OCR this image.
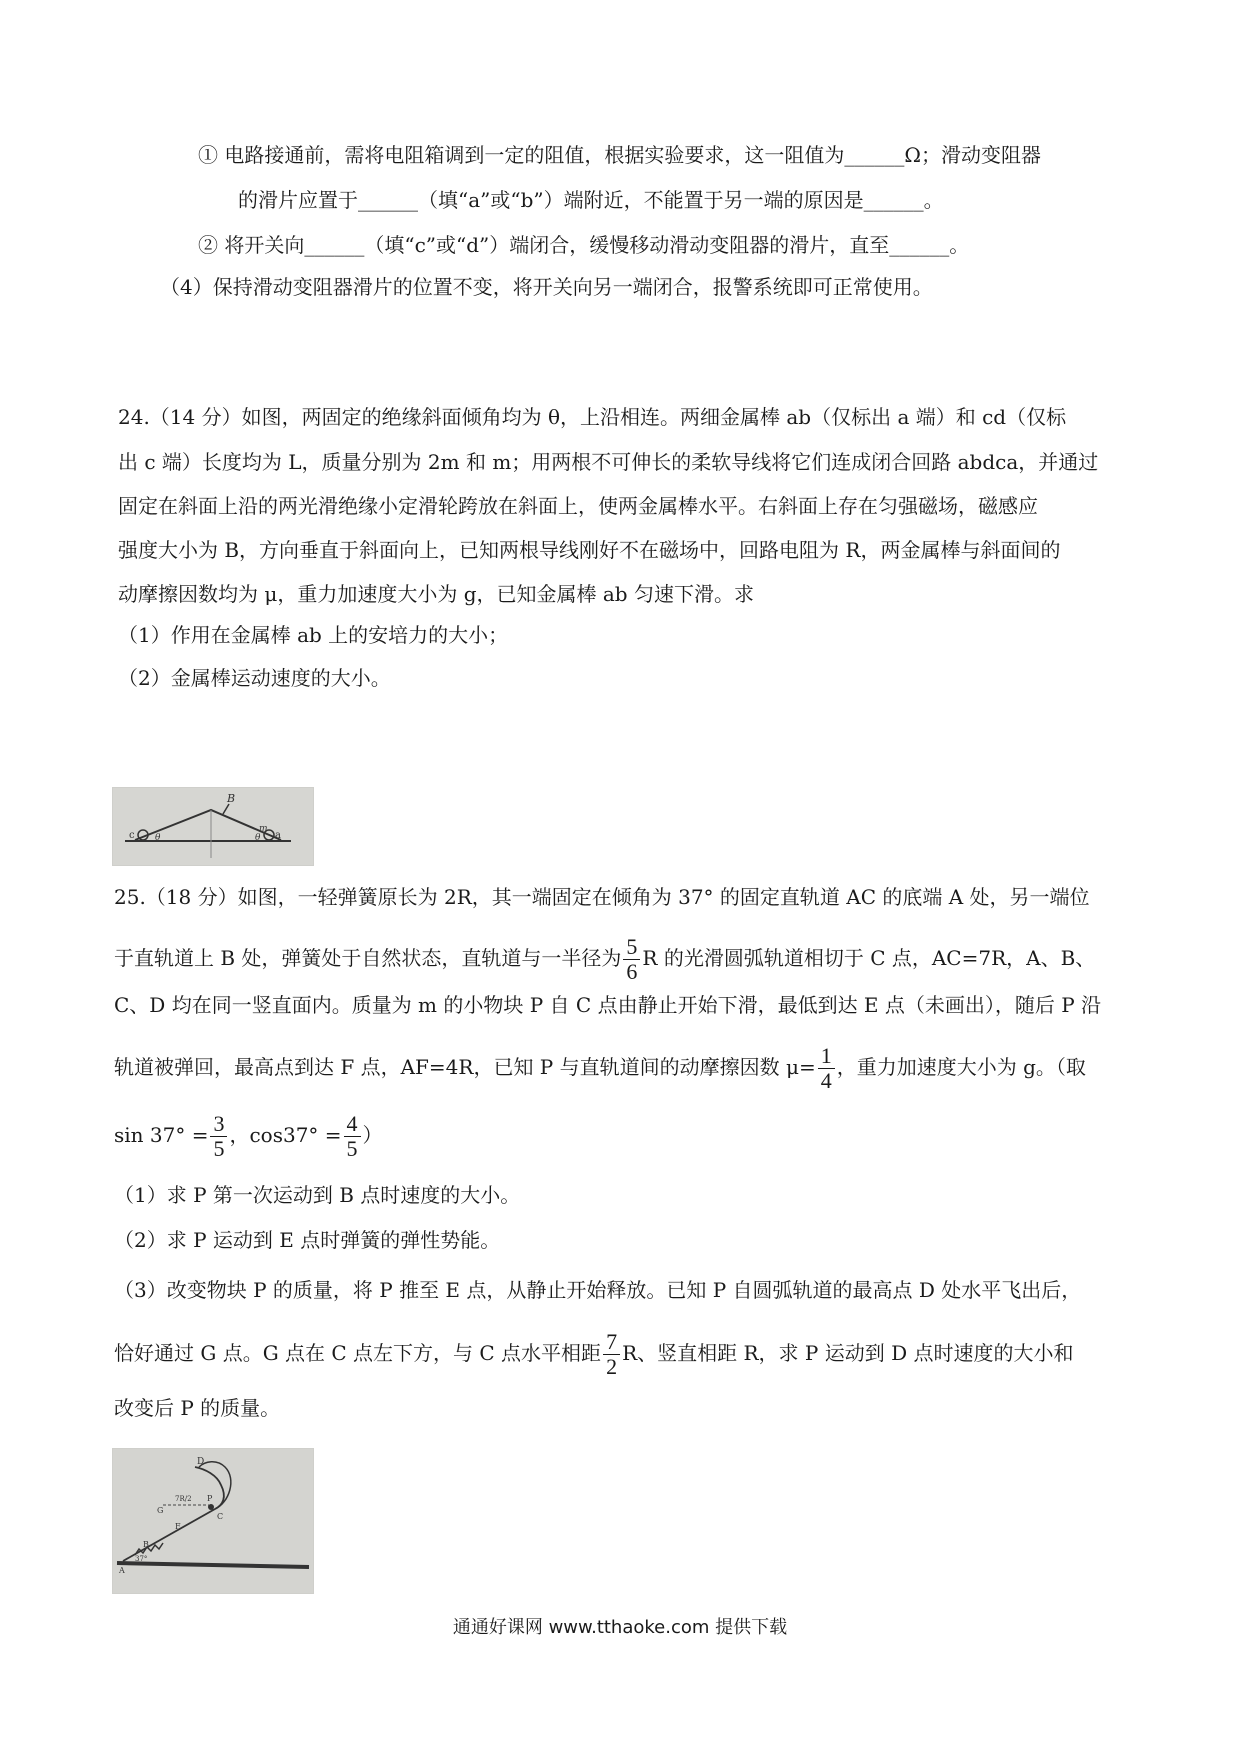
① 电路接通前，需将电阻箱调到一定的阻值，根据实验要求，这一阻值为______Ω；滑动变阻器
的滑片应置于______（填“a”或“b”）端附近，不能置于另一端的原因是______。
② 将开关向______（填“c”或“d”）端闭合，缓慢移动滑动变阻器的滑片，直至______。
（4）保持滑动变阻器滑片的位置不变，将开关向另一端闭合，报警系统即可正常使用。
24.（14 分）如图，两固定的绝缘斜面倾角均为 θ，上沿相连。两细金属棒 ab（仅标出 a 端）和 cd（仅标
出 c 端）长度均为 L，质量分别为 2m 和 m；用两根不可伸长的柔软导线将它们连成闭合回路 abdca，并通过
固定在斜面上沿的两光滑绝缘小定滑轮跨放在斜面上，使两金属棒水平。右斜面上存在匀强磁场，磁感应
强度大小为 B，方向垂直于斜面向上，已知两根导线刚好不在磁场中，回路电阻为 R，两金属棒与斜面间的
动摩擦因数均为 μ，重力加速度大小为 g，已知金属棒 ab 匀速下滑。求
（1）作用在金属棒 ab 上的安培力的大小；
（2）金属棒运动速度的大小。
B
c	a
θ	θ
m
25.（18 分）如图，一轻弹簧原长为 2R，其一端固定在倾角为 37° 的固定直轨道 AC 的底端 A 处，另一端位
于直轨道上 B 处，弹簧处于自然状态，直轨道与一半径为 $\frac{5}{6}$ R 的光滑圆弧轨道相切于 C 点，AC=7R，A、B、
C、D 均在同一竖直面内。质量为 m 的小物块 P 自 C 点由静止开始下滑，最低到达 E 点（未画出），随后 P 沿
轨道被弹回，最高点到达 F 点，AF=4R，已知 P 与直轨道间的动摩擦因数 $\mu= \frac{1}{4}$ ，重力加速度大小为 g。（取
$\sin 37^\circ = \frac{3}{5}$ ，$\cos 37^\circ = \frac{4}{5}$ ）
（1）求 P 第一次运动到 B 点时速度的大小。
（2）求 P 运动到 E 点时弹簧的弹性势能。
（3）改变物块 P 的质量，将 P 推至 E 点，从静止开始释放。已知 P 自圆弧轨道的最高点 D 处水平飞出后，
恰好通过 G 点。G 点在 C 点左下方，与 C 点水平相距 $\frac{7}{2}$ R、竖直相距 R，求 P 运动到 D 点时速度的大小和
改变后 P 的质量。
D
P
C
G
F
B
A
7R/2
37°
通通好课网 www.tthaoke.com 提供下载
